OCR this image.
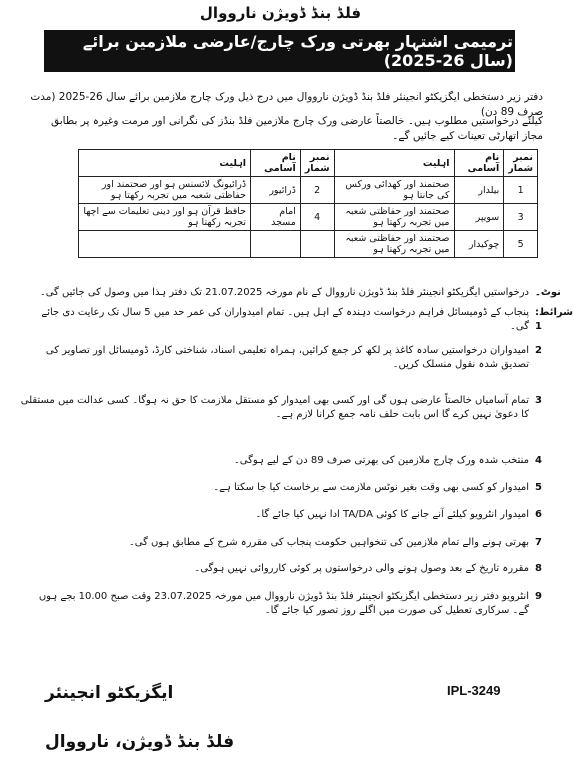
فلڈ بنڈ ڈویژن نارووال
ترمیمی اشتہار بھرتی ورک چارج/عارضی ملازمین برائے (سال 26-2025)
دفتر زیر دستخطی ایگزیکٹو انجینئر فلڈ بنڈ ڈویژن نارووال میں درج ذیل ورک چارج ملازمین برائے سال 26-2025 (مدت صرف 89 دن)
کیلئے درخواستیں مطلوب ہیں۔ خالصتاً عارضی ورک چارج ملازمین فلڈ بنڈز کی نگرانی اور مرمت وغیرہ پر بطابق مجاز اتھارٹی تعینات کیے جائیں گے۔
نمبر شمار	نام آسامی	اہلیت	نمبر شمار	نام آسامی	اہلیت
1	بیلدار	صحتمند اور کھدائی ورکس کی جانتا ہو	2	ڈرائیور	ڈرائیونگ لائسنس ہو اور صحتمند اور حفاظتی شعبہ میں تجربہ رکھتا ہو
3	سویپر	صحتمند اور حفاظتی شعبہ میں تجربہ رکھتا ہو	4	امام مسجد	حافظ قرآن ہو اور دینی تعلیمات سے اچھا تجربہ رکھتا ہو
5	چوکیدار	صحتمند اور حفاظتی شعبہ میں تجربہ رکھتا ہو			
درخواستیں ایگزیکٹو انجینئر فلڈ بنڈ ڈویژن نارووال کے نام مورخہ 21.07.2025 تک دفتر ہذا میں وصول کی جائیں گی۔ نوٹ۔
پنجاب کے ڈومیسائل فراہم درخواست دہندہ کے اہل ہیں۔ تمام امیدواران کی عمر حد میں 5 سال تک رعایت دی جائے گی۔
شرائط: 1
امیدواران درخواستیں سادہ کاغذ پر لکھ کر جمع کرائیں، ہمراہ تعلیمی اسناد، شناختی کارڈ، ڈومیسائل اور تصاویر کی تصدیق شدہ نقول منسلک کریں۔
2
تمام آسامیاں خالصتاً عارضی ہوں گی اور کسی بھی امیدوار کو مستقل ملازمت کا حق نہ ہوگا۔ کسی عدالت میں مستقلی کا دعویٰ نہیں کرے گا اس بابت حلف نامہ جمع کرانا لازم ہے۔
3
منتخب شدہ ورک چارج ملازمین کی بھرتی صرف 89 دن کے لیے ہوگی۔ 4
امیدوار کو کسی بھی وقت بغیر نوٹس ملازمت سے برخاست کیا جا سکتا ہے۔ 5
امیدوار انٹرویو کیلئے آنے جانے کا کوئی TA/DA ادا نہیں کیا جائے گا۔ 6
بھرتی ہونے والے تمام ملازمین کی تنخواہیں حکومت پنجاب کی مقررہ شرح کے مطابق ہوں گی۔ 7
مقررہ تاریخ کے بعد وصول ہونے والی درخواستوں پر کوئی کارروائی نہیں ہوگی۔ 8
انٹرویو دفتر زیر دستخطی ایگزیکٹو انجینئر فلڈ بنڈ ڈویژن نارووال میں مورخہ 23.07.2025 وقت صبح 10.00 بجے ہوں گے۔ سرکاری تعطیل کی صورت میں اگلے روز تصور کیا جائے گا۔
9
IPL-3249
ایگزیکٹو انجینئر
فلڈ بنڈ ڈویژن، نارووال
